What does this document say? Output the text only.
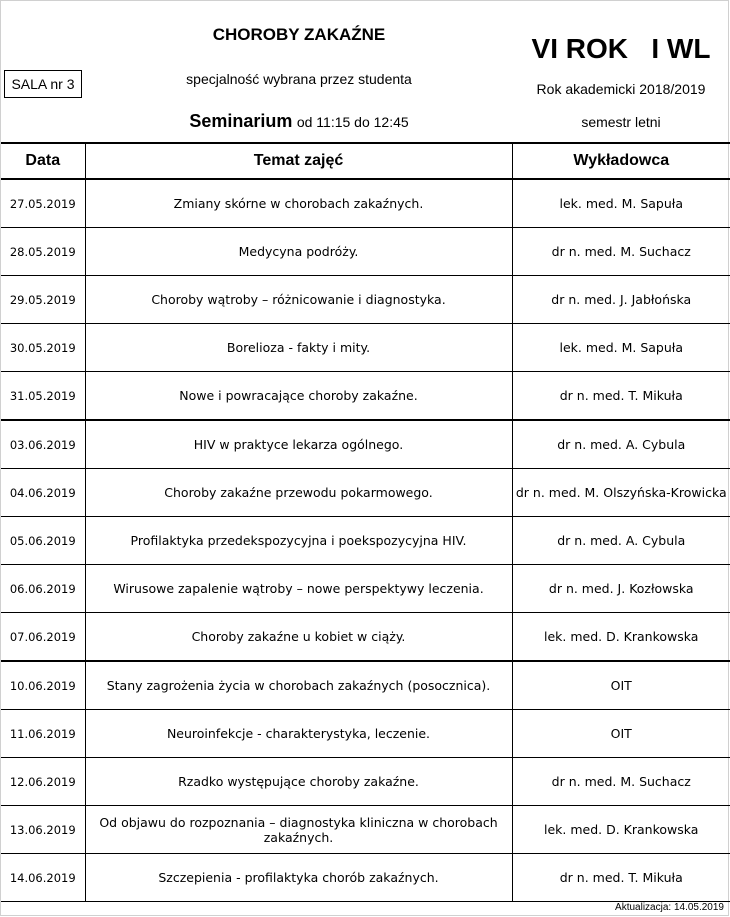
CHOROBY ZAKAŹNE
SALA nr 3	specjalność wybrana przez studenta
Seminarium od 11:15 do 12:45
VI ROK   I WL
Rok akademicki 2018/2019
semestr letni
Data	Temat zajęć	Wykładowca
27.05.2019	Zmiany skórne w chorobach zakaźnych.	lek. med. M. Sapuła
28.05.2019	Medycyna podróży.	dr n. med. M. Suchacz
29.05.2019	Choroby wątroby – różnicowanie i diagnostyka.	dr n. med. J. Jabłońska
30.05.2019	Borelioza - fakty i mity.	lek. med. M. Sapuła
31.05.2019	Nowe i powracające choroby zakaźne.	dr n. med. T. Mikuła
03.06.2019	HIV w praktyce lekarza ogólnego.	dr n. med. A. Cybula
04.06.2019	Choroby zakaźne przewodu pokarmowego.	dr n. med. M. Olszyńska-Krowicka
05.06.2019	Profilaktyka przedekspozycyjna i poekspozycyjna HIV.	dr n. med. A. Cybula
06.06.2019	Wirusowe zapalenie wątroby – nowe perspektywy leczenia.	dr n. med. J. Kozłowska
07.06.2019	Choroby zakaźne u kobiet w ciąży.	lek. med. D. Krankowska
10.06.2019	Stany zagrożenia życia w chorobach zakaźnych (posocznica).	OIT
11.06.2019	Neuroinfekcje - charakterystyka, leczenie.	OIT
12.06.2019	Rzadko występujące choroby zakaźne.	dr n. med. M. Suchacz
13.06.2019	Od objawu do rozpoznania – diagnostyka kliniczna w chorobach zakaźnych.	lek. med. D. Krankowska
14.06.2019	Szczepienia - profilaktyka chorób zakaźnych.	dr n. med. T. Mikuła
Aktualizacja: 14.05.2019
